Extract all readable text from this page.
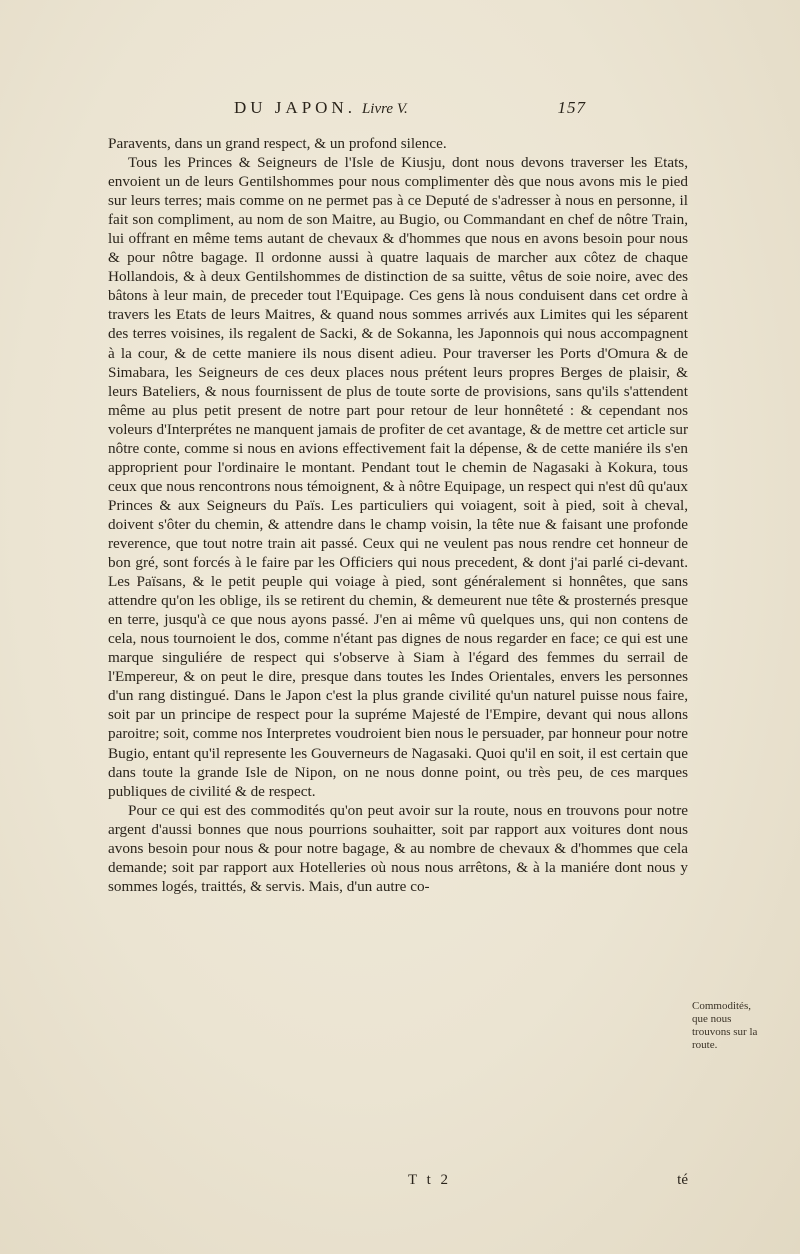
DU JAPON. Livre V.	157

Paravents, dans un grand respect, & un profond silence.

Tous les Princes & Seigneurs de l'Isle de Kiusju, dont nous devons traverser les Etats, envoient un de leurs Gentilshommes pour nous complimenter dès que nous avons mis le pied sur leurs terres; mais comme on ne permet pas à ce Deputé de s'adresser à nous en personne, il fait son compliment, au nom de son Maitre, au Bugio, ou Commandant en chef de nôtre Train, lui offrant en même tems autant de chevaux & d'hommes que nous en avons besoin pour nous & pour nôtre bagage. Il ordonne aussi à quatre laquais de marcher aux côtez de chaque Hollandois, & à deux Gentilshommes de distinction de sa suitte, vêtus de soie noire, avec des bâtons à leur main, de preceder tout l'Equipage. Ces gens là nous conduisent dans cet ordre à travers les Etats de leurs Maitres, & quand nous sommes arrivés aux Limites qui les séparent des terres voisines, ils regalent de Sacki, & de Sokanna, les Japonnois qui nous accompagnent à la cour, & de cette maniere ils nous disent adieu. Pour traverser les Ports d'Omura & de Simabara, les Seigneurs de ces deux places nous prétent leurs propres Berges de plaisir, & leurs Bateliers, & nous fournissent de plus de toute sorte de provisions, sans qu'ils s'attendent même au plus petit present de notre part pour retour de leur honnêteté : & cependant nos voleurs d'Interprétes ne manquent jamais de profiter de cet avantage, & de mettre cet article sur nôtre conte, comme si nous en avions effectivement fait la dépense, & de cette maniére ils s'en approprient pour l'ordinaire le montant. Pendant tout le chemin de Nagasaki à Kokura, tous ceux que nous rencontrons nous témoignent, & à nôtre Equipage, un respect qui n'est dû qu'aux Princes & aux Seigneurs du Païs. Les particuliers qui voiagent, soit à pied, soit à cheval, doivent s'ôter du chemin, & attendre dans le champ voisin, la tête nue & faisant une profonde reverence, que tout notre train ait passé. Ceux qui ne veulent pas nous rendre cet honneur de bon gré, sont forcés à le faire par les Officiers qui nous precedent, & dont j'ai parlé ci-devant. Les Païsans, & le petit peuple qui voiage à pied, sont généralement si honnêtes, que sans attendre qu'on les oblige, ils se retirent du chemin, & demeurent nue tête & prosternés presque en terre, jusqu'à ce que nous ayons passé. J'en ai même vû quelques uns, qui non contens de cela, nous tournoient le dos, comme n'étant pas dignes de nous regarder en face; ce qui est une marque singuliére de respect qui s'observe à Siam à l'égard des femmes du serrail de l'Empereur, & on peut le dire, presque dans toutes les Indes Orientales, envers les personnes d'un rang distingué. Dans le Japon c'est la plus grande civilité qu'un naturel puisse nous faire, soit par un principe de respect pour la supréme Majesté de l'Empire, devant qui nous allons paroitre; soit, comme nos Interpretes voudroient bien nous le persuader, par honneur pour notre Bugio, entant qu'il represente les Gouverneurs de Nagasaki. Quoi qu'il en soit, il est certain que dans toute la grande Isle de Nipon, on ne nous donne point, ou très peu, de ces marques publiques de civilité & de respect.

Pour ce qui est des commodités qu'on peut avoir sur la route, nous en trouvons pour notre argent d'aussi bonnes que nous pourrions souhaitter, soit par rapport aux voitures dont nous avons besoin pour nous & pour notre bagage, & au nombre de chevaux & d'hommes que cela demande; soit par rapport aux Hotelleries où nous nous arrêtons, & à la maniére dont nous y sommes logés, traittés, & servis. Mais, d'un autre co-

Commodités, que nous trouvons sur la route.
T t 2	té
